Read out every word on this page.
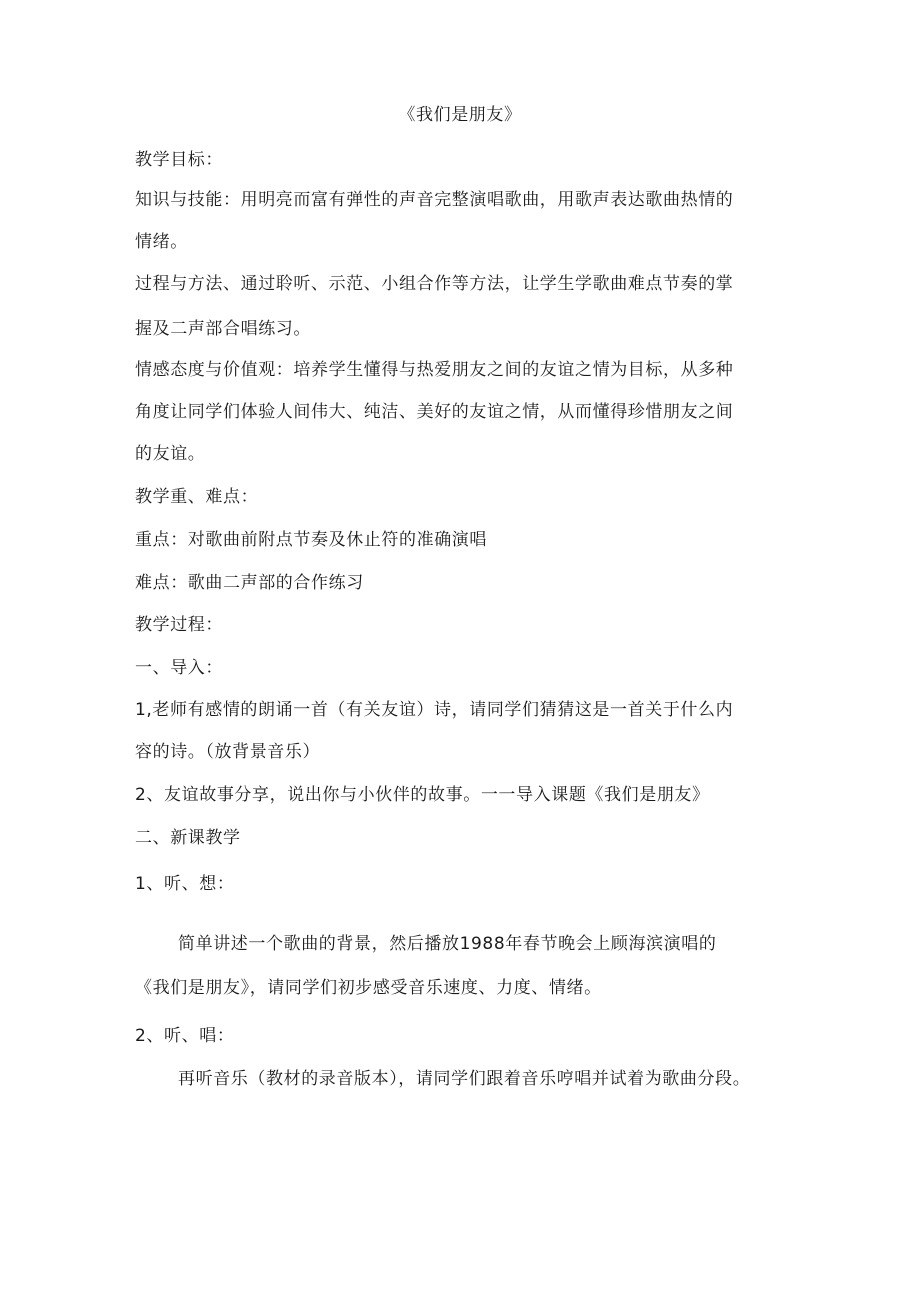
《我们是朋友》
教学目标：
知识与技能：用明亮而富有弹性的声音完整演唱歌曲，用歌声表达歌曲热情的
情绪。
过程与方法、通过聆听、示范、小组合作等方法，让学生学歌曲难点节奏的掌
握及二声部合唱练习。
情感态度与价值观：培养学生懂得与热爱朋友之间的友谊之情为目标，从多种
角度让同学们体验人间伟大、纯洁、美好的友谊之情，从而懂得珍惜朋友之间
的友谊。
教学重、难点：
重点：对歌曲前附点节奏及休止符的准确演唱
难点：歌曲二声部的合作练习
教学过程：
一、导入：
1,老师有感情的朗诵一首（有关友谊）诗，请同学们猜猜这是一首关于什么内
容的诗。（放背景音乐）
2、友谊故事分享，说出你与小伙伴的故事。一一导入课题《我们是朋友》
二、新课教学
1、听、想：
简单讲述一个歌曲的背景，然后播放1988年春节晚会上顾海滨演唱的
《我们是朋友》，请同学们初步感受音乐速度、力度、情绪。
2、听、唱：
再听音乐（教材的录音版本），请同学们跟着音乐哼唱并试着为歌曲分段。
